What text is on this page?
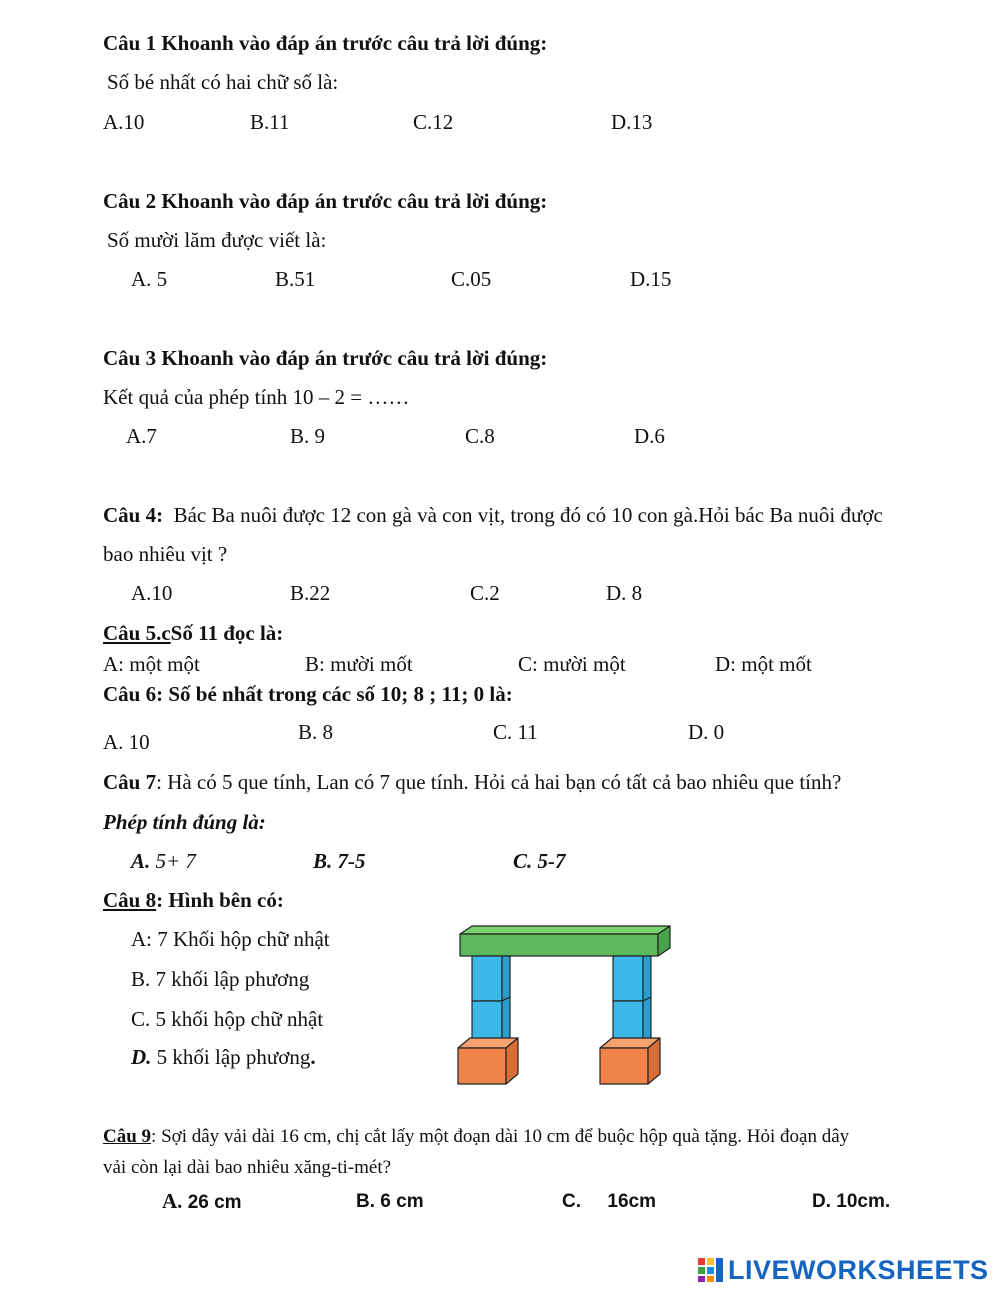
Câu 1 Khoanh vào đáp án trước câu trả lời đúng:
Số bé nhất có hai chữ số là:
A.10	B.11	C.12	D.13
Câu 2 Khoanh vào đáp án trước câu trả lời đúng:
Số mười lăm được viết là:
A. 5	B.51	C.05	D.15
Câu 3 Khoanh vào đáp án trước câu trả lời đúng:
Kết quả của phép tính 10 – 2 = ……
A.7	B. 9	C.8	D.6
Câu 4: Bác Ba nuôi được 12 con gà và con vịt, trong đó có 10 con gà.Hỏi bác Ba nuôi được
bao nhiêu vịt ?
A.10	B.22	C.2	D. 8
Câu 5.cSố 11 đọc là:
A: một một	B: mười mốt	C: mười một	D: một mốt
Câu 6: Số bé nhất trong các số 10; 8 ; 11; 0 là:
A. 10	B. 8	C. 11	D. 0
Câu 7: Hà có 5 que tính, Lan có 7 que tính. Hỏi cả hai bạn có tất cả bao nhiêu que tính?
Phép tính đúng là:
A. 5+ 7	B. 7-5	C. 5-7
Câu 8: Hình bên có:
A: 7 Khối hộp chữ nhật
B. 7 khối lập phương
C. 5 khối hộp chữ nhật
D. 5 khối lập phương.
Câu 9: Sợi dây vải dài 16 cm, chị cắt lấy một đoạn dài 10 cm để buộc hộp quà tặng. Hỏi đoạn dây
vải còn lại dài bao nhiêu xăng-ti-mét?
A. 26 cm	B. 6 cm	C.     16cm	D. 10cm.
LIVEWORKSHEETS
